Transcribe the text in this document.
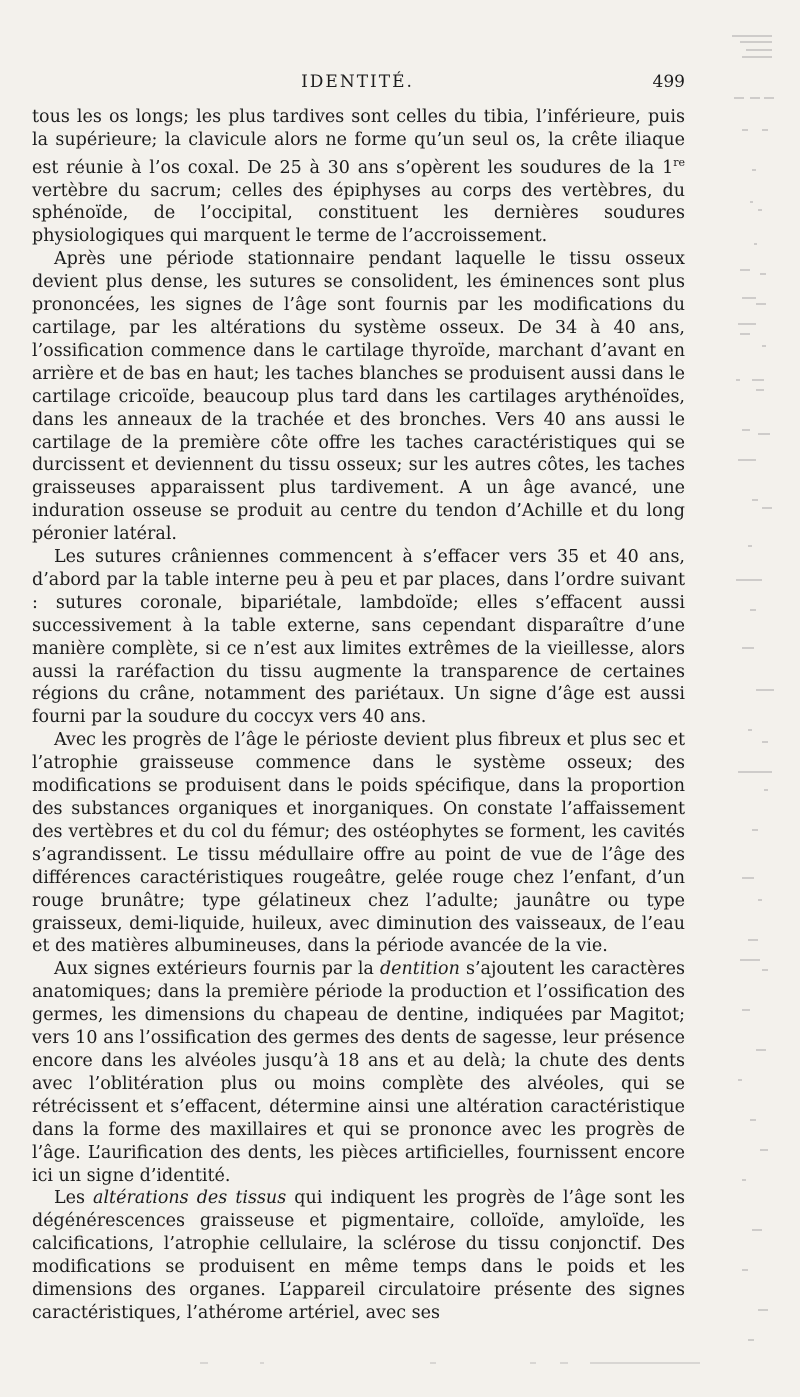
IDENTITÉ.	499

tous les os longs; les plus tardives sont celles du tibia, l’inférieure, puis la supérieure; la clavicule alors ne forme qu’un seul os, la crête iliaque est réunie à l’os coxal. De 25 à 30 ans s’opèrent les soudures de la 1re vertèbre du sacrum; celles des épiphyses au corps des vertèbres, du sphénoïde, de l’occipital, constituent les dernières soudures physiologiques qui marquent le terme de l’accroissement.

Après une période stationnaire pendant laquelle le tissu osseux devient plus dense, les sutures se consolident, les éminences sont plus prononcées, les signes de l’âge sont fournis par les modifications du cartilage, par les altérations du système osseux. De 34 à 40 ans, l’ossification commence dans le cartilage thyroïde, marchant d’avant en arrière et de bas en haut; les taches blanches se produisent aussi dans le cartilage cricoïde, beaucoup plus tard dans les cartilages arythénoïdes, dans les anneaux de la trachée et des bronches. Vers 40 ans aussi le cartilage de la première côte offre les taches caractéristiques qui se durcissent et deviennent du tissu osseux; sur les autres côtes, les taches graisseuses apparaissent plus tardivement. A un âge avancé, une induration osseuse se produit au centre du tendon d’Achille et du long péronier latéral.

Les sutures crâniennes commencent à s’effacer vers 35 et 40 ans, d’abord par la table interne peu à peu et par places, dans l’ordre suivant : sutures coronale, bipariétale, lambdoïde; elles s’effacent aussi successivement à la table externe, sans cependant disparaître d’une manière complète, si ce n’est aux limites extrêmes de la vieillesse, alors aussi la raréfaction du tissu augmente la transparence de certaines régions du crâne, notamment des pariétaux. Un signe d’âge est aussi fourni par la soudure du coccyx vers 40 ans.

Avec les progrès de l’âge le périoste devient plus fibreux et plus sec et l’atrophie graisseuse commence dans le système osseux; des modifications se produisent dans le poids spécifique, dans la proportion des substances organiques et inorganiques. On constate l’affaissement des vertèbres et du col du fémur; des ostéophytes se forment, les cavités s’agrandissent. Le tissu médullaire offre au point de vue de l’âge des différences caractéristiques rougeâtre, gelée rouge chez l’enfant, d’un rouge brunâtre; type gélatineux chez l’adulte; jaunâtre ou type graisseux, demi-liquide, huileux, avec diminution des vaisseaux, de l’eau et des matières albumineuses, dans la période avancée de la vie.

Aux signes extérieurs fournis par la dentition s’ajoutent les caractères anatomiques; dans la première période la production et l’ossification des germes, les dimensions du chapeau de dentine, indiquées par Magitot; vers 10 ans l’ossification des germes des dents de sagesse, leur présence encore dans les alvéoles jusqu’à 18 ans et au delà; la chute des dents avec l’oblitération plus ou moins complète des alvéoles, qui se rétrécissent et s’effacent, détermine ainsi une altération caractéristique dans la forme des maxillaires et qui se prononce avec les progrès de l’âge. L’aurification des dents, les pièces artificielles, fournissent encore ici un signe d’identité.

Les altérations des tissus qui indiquent les progrès de l’âge sont les dégénérescences graisseuse et pigmentaire, colloïde, amyloïde, les calcifications, l’atrophie cellulaire, la sclérose du tissu conjonctif. Des modifications se produisent en même temps dans le poids et les dimensions des organes. L’appareil circulatoire présente des signes caractéristiques, l’athérome artériel, avec ses
